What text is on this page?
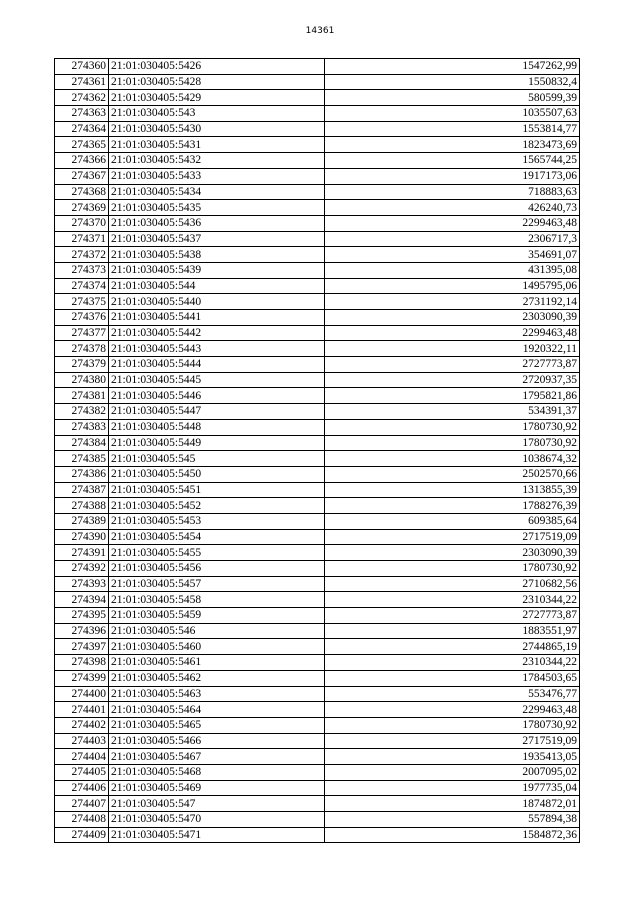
14361
274360	21:01:030405:5426	1547262,99
274361	21:01:030405:5428	1550832,4
274362	21:01:030405:5429	580599,39
274363	21:01:030405:543	1035507,63
274364	21:01:030405:5430	1553814,77
274365	21:01:030405:5431	1823473,69
274366	21:01:030405:5432	1565744,25
274367	21:01:030405:5433	1917173,06
274368	21:01:030405:5434	718883,63
274369	21:01:030405:5435	426240,73
274370	21:01:030405:5436	2299463,48
274371	21:01:030405:5437	2306717,3
274372	21:01:030405:5438	354691,07
274373	21:01:030405:5439	431395,08
274374	21:01:030405:544	1495795,06
274375	21:01:030405:5440	2731192,14
274376	21:01:030405:5441	2303090,39
274377	21:01:030405:5442	2299463,48
274378	21:01:030405:5443	1920322,11
274379	21:01:030405:5444	2727773,87
274380	21:01:030405:5445	2720937,35
274381	21:01:030405:5446	1795821,86
274382	21:01:030405:5447	534391,37
274383	21:01:030405:5448	1780730,92
274384	21:01:030405:5449	1780730,92
274385	21:01:030405:545	1038674,32
274386	21:01:030405:5450	2502570,66
274387	21:01:030405:5451	1313855,39
274388	21:01:030405:5452	1788276,39
274389	21:01:030405:5453	609385,64
274390	21:01:030405:5454	2717519,09
274391	21:01:030405:5455	2303090,39
274392	21:01:030405:5456	1780730,92
274393	21:01:030405:5457	2710682,56
274394	21:01:030405:5458	2310344,22
274395	21:01:030405:5459	2727773,87
274396	21:01:030405:546	1883551,97
274397	21:01:030405:5460	2744865,19
274398	21:01:030405:5461	2310344,22
274399	21:01:030405:5462	1784503,65
274400	21:01:030405:5463	553476,77
274401	21:01:030405:5464	2299463,48
274402	21:01:030405:5465	1780730,92
274403	21:01:030405:5466	2717519,09
274404	21:01:030405:5467	1935413,05
274405	21:01:030405:5468	2007095,02
274406	21:01:030405:5469	1977735,04
274407	21:01:030405:547	1874872,01
274408	21:01:030405:5470	557894,38
274409	21:01:030405:5471	1584872,36
